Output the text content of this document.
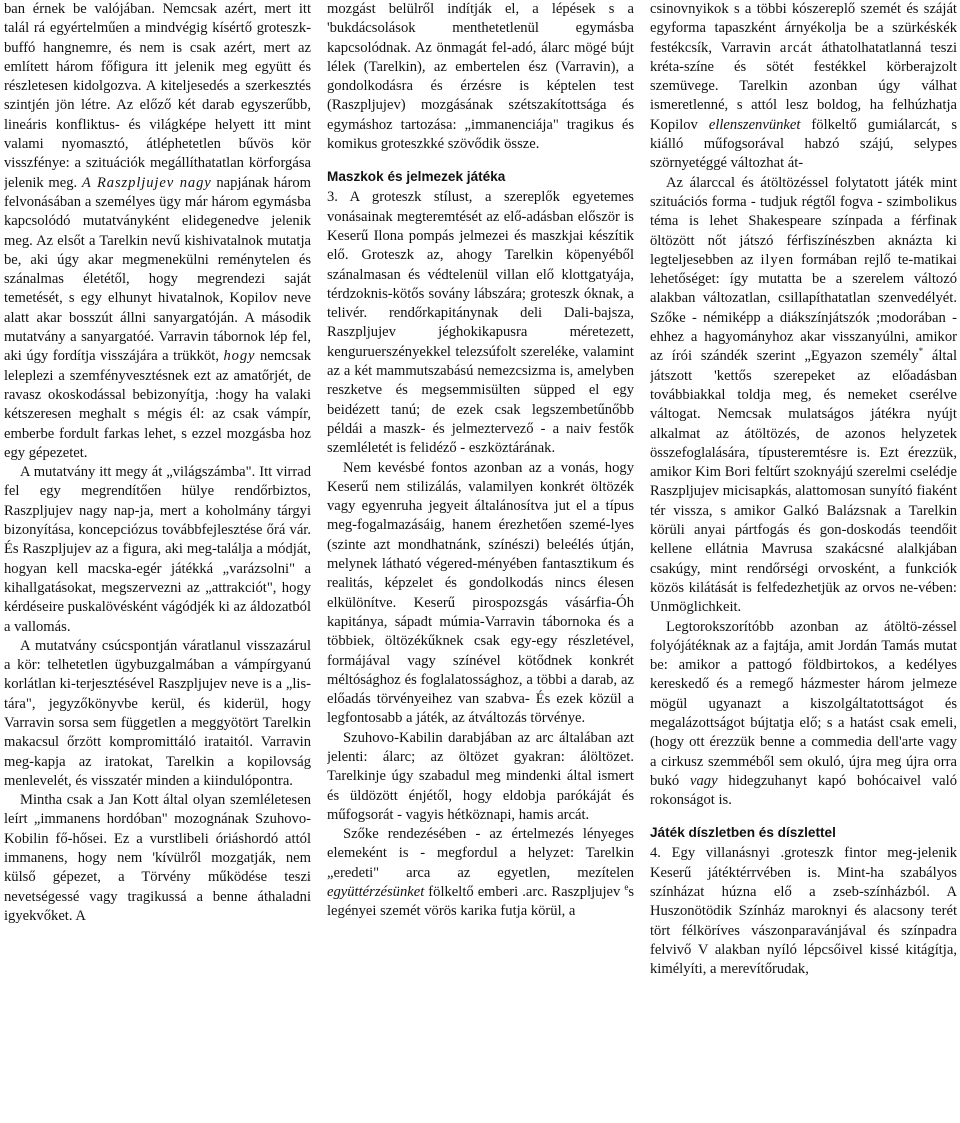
ban érnek be valójában. Nemcsak azért, mert itt talál rá egyértelműen a mindvégig kísértő groteszk-buffó hangnemre, és nem is csak azért, mert az említett három főfigura itt jelenik meg együtt és részletesen kidolgozva. A kiteljesedés a szerkesztés szintjén jön létre. Az előző két darab egyszerűbb, lineáris konfliktus- és világképe helyett itt mint valami nyomasztó, átléphetetlen bűvös kör visszfénye: a szituációk megállíthatatlan körforgása jelenik meg. A Raszpljujev nagy napjának három felvonásában a személyes ügy már három egymásba kapcsolódó mutatványként elidegenedve jelenik meg. Az elsőt a Tarelkin nevű kishivatalnok mutatja be, aki úgy akar megmenekülni reménytelen és szánalmas életétől, hogy megrendezi saját temetését, s egy elhunyt hivatalnok, Kopilov neve alatt akar bosszút állni sanyargatóján. A második mutatvány a sanyargatóé. Varravin tábornok lép fel, aki úgy fordítja visszájára a trükköt, hogy nemcsak leleplezi a szemfényvesztésnek ezt az amatőrjét, de ravasz okoskodással bebizonyítja, :hogy ha valaki kétszeresen meghalt s mégis él: az csak vámpír, emberbe fordult farkas lehet, s ezzel mozgásba hoz egy gépezetet.

A mutatvány itt megy át „világszámba". Itt virrad fel egy megrendítően hülye rendőrbiztos, Raszpljujev nagy nap-ja, mert a koholmány tárgyi bizonyítása, koncepciózus továbbfejlesztése őrá vár. És Raszpljujev az a figura, aki meg-találja a módját, hogyan kell macska-egér játékká „varázsolni" a kihallgatásokat, megszervezni az „attrakciót", hogy kérdéseire puskalövésként vágódjék ki az áldozatból a vallomás.

A mutatvány csúcspontján váratlanul visszazárul a kör: telhetetlen ügybuzgalmában a vámpírgyanú korlátlan ki-terjesztésével Raszpljujev neve is a „lis-tára", jegyzőkönyvbe kerül, és kiderül, hogy Varravin sorsa sem független a meggyötört Tarelkin makacsul őrzött kompromittáló irataitól. Varravin meg-kapja az iratokat, Tarelkin a kopilovság menlevelét, és visszatér minden a kiindulópontra.

Mintha csak a Jan Kott által olyan szemléletesen leírt „immanens hordóban" mozognának Szuhovo-Kobilin fő-hősei. Ez a vurstlibeli óriáshordó attól immanens, hogy nem 'kívülről mozgatják, nem külső gépezet, a Törvény működése teszi nevetségessé vagy tragikussá a benne áthaladni igyekvőket. A

mozgást belülről indítják el, a lépések s a 'bukdácsolások menthetetlenül egymásba kapcsolódnak. Az önmagát fel-adó, álarc mögé bújt lélek (Tarelkin), az embertelen ész (Varravin), a gondolkodásra és érzésre is képtelen test (Raszpljujev) mozgásának szétszakítottsága és egymáshoz tartozása: „immanenciája" tragikus és komikus groteszkké szövődik össze.

Maszkok és jelmezek játéka

3. A groteszk stílust, a szereplők egyetemes vonásainak megteremtését az elő-adásban először is Keserű Ilona pompás jelmezei és maszkjai készítik elő. Groteszk az, ahogy Tarelkin köpenyéből szánalmasan és védtelenül villan elő klottgatyája, térdzoknis-kötős sovány lábszára; groteszk óknak, a telivér. rendőrkapitánynak deli Dali-bajsza, Raszpljujev jéghokikapusra méretezett, kenguruerszényekkel telezsúfolt szereléke, valamint az a két mammutszabású nemezcsizma is, amelyben reszketve és megsemmisülten süpped el egy beidézett tanú; de ezek csak legszembetűnőbb példái a maszk- és jelmeztervező - a naiv festők szemléletét is felidéző - eszköztárának.

Nem kevésbé fontos azonban az a vonás, hogy Keserű nem stilizálás, valamilyen konkrét öltözék vagy egyenruha jegyeit általánosítva jut el a típus meg-fogalmazásáig, hanem érezhetően szemé-lyes (szinte azt mondhatnánk, színészi) beleélés útján, melynek látható végered-ményében fantasztikum és realitás, képzelet és gondolkodás nincs élesen elkülönítve. Keserű pirospozsgás vásárfia-Óh kapitánya, sápadt múmia-Varravin tábornoka és a többiek, öltözékűknek csak egy-egy részletével, formájával vagy színével kötődnek konkrét méltósághoz és foglalatossághoz, a többi a darab, az előadás törvényeihez van szabva- És ezek közül a legfontosabb a játék, az átváltozás törvénye.

Szuhovo-Kabilin darabjában az arc általában azt jelenti: álarc; az öltözet gyakran: álöltözet. Tarelkinje úgy szabadul meg mindenki által ismert és üldözött énjétől, hogy eldobja parókáját és műfogsorát - vagyis hétköznapi, hamis arcát.

Szőke rendezésében - az értelmezés lényeges elemeként is - megfordul a helyzet: Tarelkin „eredeti" arca az egyetlen, mezítelen együttérzésünket fölkeltő emberi .arc. Raszpljujev $^e$s legényei szemét vörös karika futja körül, a

csinovnyikok s a többi kószereplő szemét és száját egyforma tapaszként árnyékolja be a szürkéskék festékcsík, Varravin arcát áthatolhatatlanná teszi kréta-színe és sötét festékkel körberajzolt szemüvege. Tarelkin azonban úgy válhat ismeretlenné, s attól lesz boldog, ha felhúzhatja Kopilov ellenszenvünket fölkeltő gumiálarcát, s kiálló műfogsorával habzó szájú, selypes szörnyetéggé változhat át-

Az álarccal és átöltözéssel folytatott játék mint szituációs forma - tudjuk régtől fogva - szimbolikus téma is lehet Shakespeare színpada a férfinak öltözött nőt játszó férfiszínészben aknázta ki legteljesebben az ilyen formában rejlő te-matikai lehetőséget: így mutatta be a szerelem változó alakban változatlan, csillapíthatatlan szenvedélyét. Szőke - némiképp a diákszínjátszók ;modorában - ehhez a hagyományhoz akar visszanyúlni, amikor az írói szándék szerint „Egyazon személy* által játszott 'kettős szerepeket az előadásban továbbiakkal toldja meg, és nemeket cserélve váltogat. Nemcsak mulatságos játékra nyújt alkalmat az átöltözés, de azonos helyzetek összefoglalására, típusteremtésre is. Ezt érezzük, amikor Kim Bori feltűrt szoknyájú szerelmi cselédje Raszpljujev micisapkás, alattomosan sunyító fiaként tér vissza, s amikor Galkó Balázsnak a Tarelkin körüli anyai pártfogás és gon-doskodás teendőit kellene ellátnia Mavrusa szakácsné alalkjában csakúgy, mint rendőrségi orvosként, a funkciók közös kilátását is felfedezhetjük az orvos ne-vében: Unmöglichkeit.

Legtorokszorítóbb azonban az átöltö-zéssel folyójátéknak az a fajtája, amit Jordán Tamás mutat be: amikor a pattogó földbirtokos, a kedélyes kereskedő és a remegő házmester három jelmeze mögül ugyanazt a kiszolgáltatottságot és megalázottságot bújtatja elő; s a hatást csak emeli, (hogy ott érezzük benne a commedia dell'arte vagy a cirkusz szemméből sem okuló, újra meg újra orra bukó vagy hidegzuhanyt kapó bohócaivel való rokonságot is.

Játék díszletben és díszlettel

4. Egy villanásnyi .groteszk fintor meg-jelenik Keserű játéktérrvében is. Mint-ha szabályos színházat húzna elő a zseb-színházból. A Huszonötödik Színház maroknyi és alacsony terét tört félköríves vászonparavánjával és színpadra felvivő V alakban nyíló lépcsőivel kissé kitágítja, kimélyíti, a merevítőrudak,
